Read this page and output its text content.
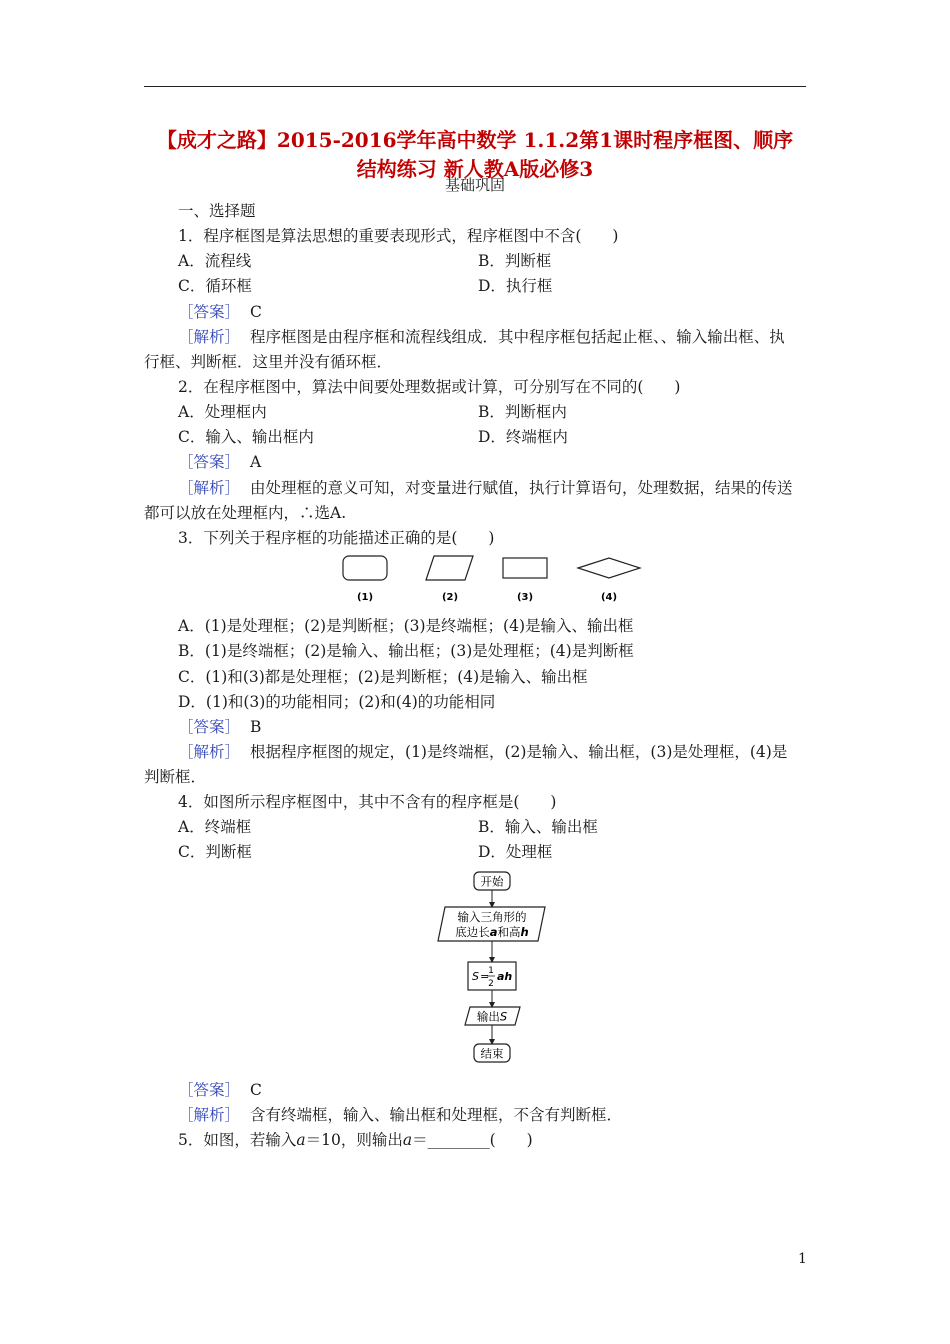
【成才之路】2015-2016学年高中数学 1.1.2第1课时程序框图、顺序
结构练习 新人教A版必修3
基础巩固
一、选择题
1．程序框图是算法思想的重要表现形式，程序框图中不含(　　)
A．流程线	B．判断框
C．循环框	D．执行框
［答案］ C
［解析］ 程序框图是由程序框和流程线组成．其中程序框包括起止框、、输入输出框、执
行框、判断框．这里并没有循环框．
2．在程序框图中，算法中间要处理数据或计算，可分别写在不同的(　　)
A．处理框内	B．判断框内
C．输入、输出框内	D．终端框内
［答案］ A
［解析］ 由处理框的意义可知，对变量进行赋值，执行计算语句，处理数据，结果的传送
都可以放在处理框内，∴选A.
3．下列关于程序框的功能描述正确的是(　　)
(1)	(2)	(3)	(4)
A．(1)是处理框；(2)是判断框；(3)是终端框；(4)是输入、输出框
B．(1)是终端框；(2)是输入、输出框；(3)是处理框；(4)是判断框
C．(1)和(3)都是处理框；(2)是判断框；(4)是输入、输出框
D．(1)和(3)的功能相同；(2)和(4)的功能相同
［答案］ B
［解析］ 根据程序框图的规定，(1)是终端框，(2)是输入、输出框，(3)是处理框，(4)是
判断框．
4．如图所示程序框图中，其中不含有的程序框是(　　)
A．终端框	B．输入、输出框
C．判断框	D．处理框
开始
输入三角形的
底边长a和高h
S =
1
2
ah
输出S
结束
［答案］ C
［解析］ 含有终端框，输入、输出框和处理框，不含有判断框．
5．如图，若输入a＝10，则输出a＝________(　　)
1
